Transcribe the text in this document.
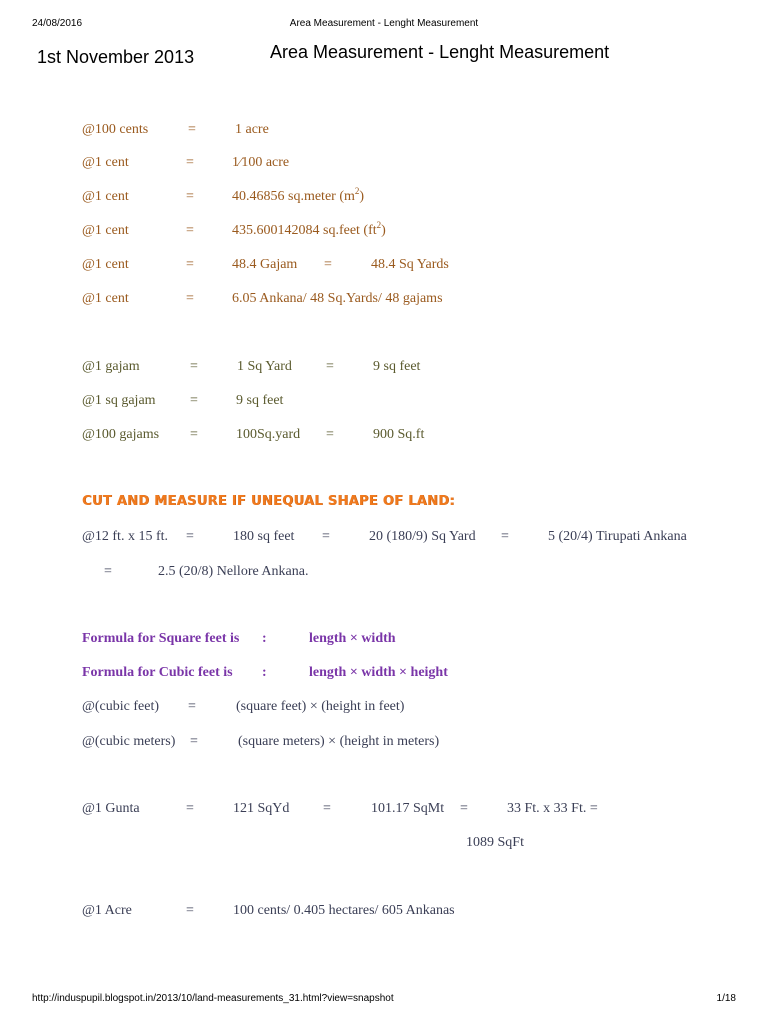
24/08/2016	Area Measurement - Lenght Measurement
1st November 2013	Area Measurement - Lenght Measurement
@100 cents	=	1 acre
@1 cent	=	1⁄100 acre
@1 cent	=	40.46856 sq.meter $(m^2)$
@1 cent	=	435.600142084 sq.feet $(ft^2)$
@1 cent	=	48.4 Gajam =	48.4 Sq Yards
@1 cent	=	6.05 Ankana/ 48 Sq.Yards/ 48 gajams
@1 gajam	=	1 Sq Yard =	9 sq feet
@1 sq gajam =	9 sq feet
@100 gajams =	100Sq.yard =	900 Sq.ft
CUT AND MEASURE IF UNEQUAL SHAPE OF LAND:
@12 ft. x 15 ft. =	180 sq feet =	20 (180/9) Sq Yard =	5 (20/4) Tirupati Ankana
=	2.5 (20/8) Nellore Ankana.
Formula for Square feet is :	length × width
Formula for Cubic feet is :	length × width × height
@(cubic feet) =	(square feet) × (height in feet)
@(cubic meters) =	(square meters) × (height in meters)
@1 Gunta	=	121 SqYd =	101.17 SqMt =	33 Ft. x 33 Ft. =
1089 SqFt
@1 Acre	=	100 cents/ 0.405 hectares/ 605 Ankanas
http://induspupil.blogspot.in/2013/10/land-measurements_31.html?view=snapshot	1/18
